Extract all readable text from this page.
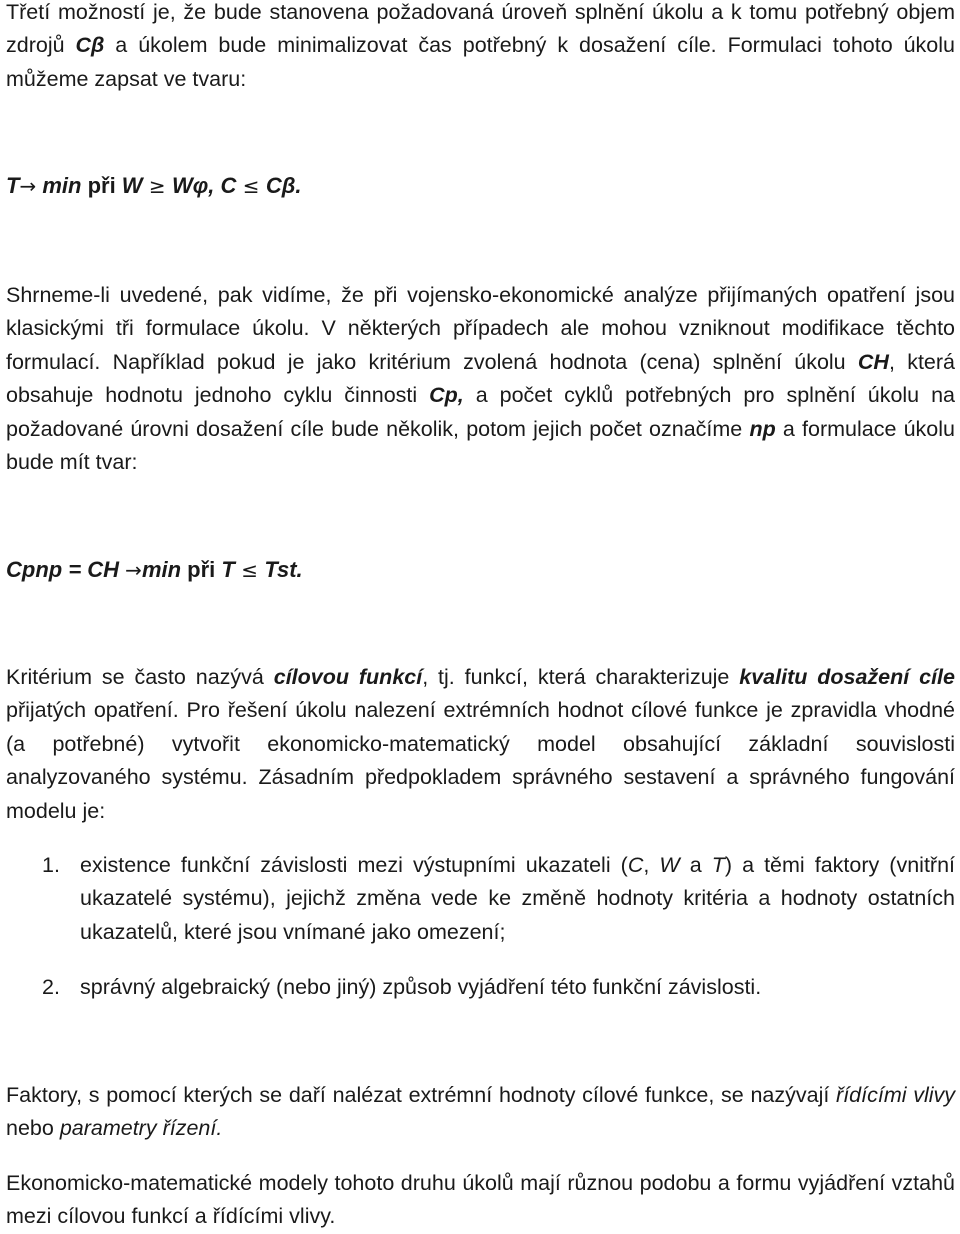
Třetí možností je, že bude stanovena požadovaná úroveň splnění úkolu a k tomu potřebný objem zdrojů Cβ a úkolem bude minimalizovat čas potřebný k dosažení cíle. Formulaci tohoto úkolu můžeme zapsat ve tvaru:

T→ min při W ≥ Wφ, C ≤ Cβ.

Shrneme-li uvedené, pak vidíme, že při vojensko-ekonomické analýze přijímaných opatření jsou klasickými tři formulace úkolu. V některých případech ale mohou vzniknout modifikace těchto formulací. Například pokud je jako kritérium zvolená hodnota (cena) splnění úkolu CH, která obsahuje hodnotu jednoho cyklu činnosti Cp, a počet cyklů potřebných pro splnění úkolu na požadované úrovni dosažení cíle bude několik, potom jejich počet označíme np a formulace úkolu bude mít tvar:

Cpnp = CH →min při T ≤ Tst.

Kritérium se často nazývá cílovou funkcí, tj. funkcí, která charakterizuje kvalitu dosažení cíle přijatých opatření. Pro řešení úkolu nalezení extrémních hodnot cílové funkce je zpravidla vhodné (a potřebné) vytvořit ekonomicko-matematický model obsahující základní souvislosti analyzovaného systému. Zásadním předpokladem správného sestavení a správného fungování modelu je:

1. existence funkční závislosti mezi výstupními ukazateli (C, W a T) a těmi faktory (vnitřní ukazatelé systému), jejichž změna vede ke změně hodnoty kritéria a hodnoty ostatních ukazatelů, které jsou vnímané jako omezení;
2. správný algebraický (nebo jiný) způsob vyjádření této funkční závislosti.

Faktory, s pomocí kterých se daří nalézat extrémní hodnoty cílové funkce, se nazývají řídícími vlivy nebo parametry řízení.

Ekonomicko-matematické modely tohoto druhu úkolů mají různou podobu a formu vyjádření vztahů mezi cílovou funkcí a řídícími vlivy.
